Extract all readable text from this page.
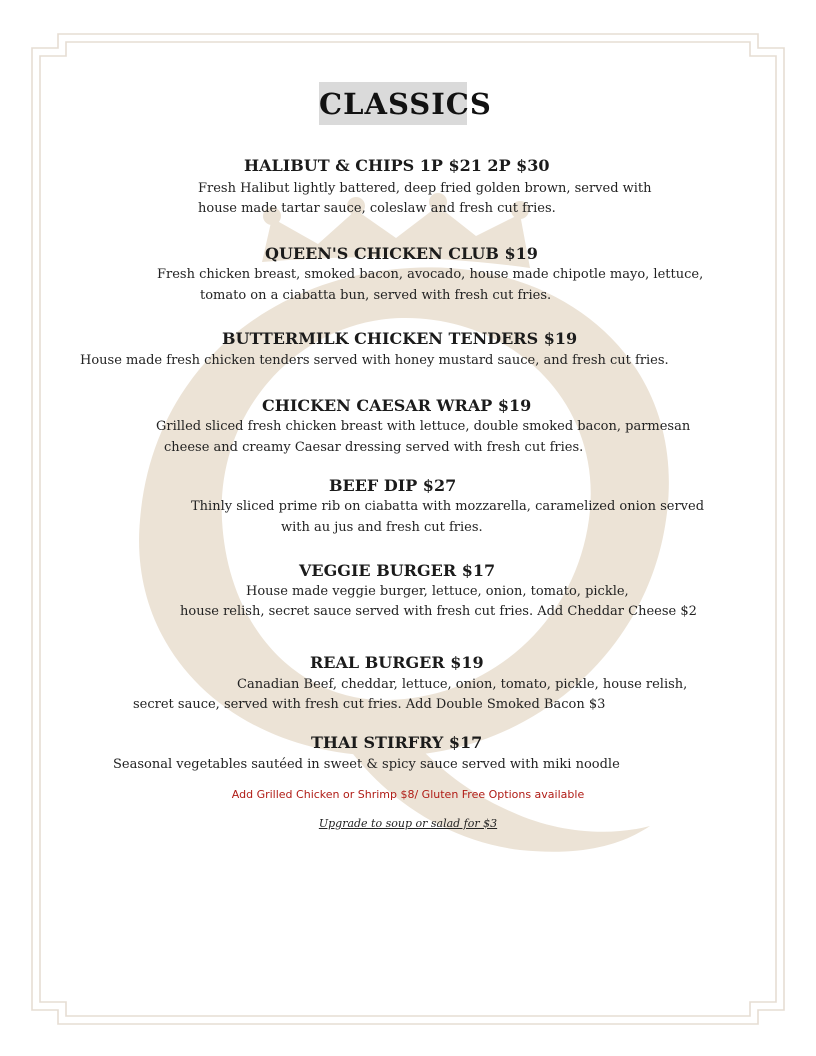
CLASSICS
HALIBUT & CHIPS 1P $21 2P $30
Fresh Halibut lightly battered, deep fried golden brown, served with
house made tartar sauce, coleslaw and fresh cut fries.
QUEEN'S CHICKEN CLUB $19
Fresh chicken breast, smoked bacon, avocado, house made chipotle mayo, lettuce,
tomato on a ciabatta bun, served with fresh cut fries.
BUTTERMILK CHICKEN TENDERS $19
House made fresh chicken tenders served with honey mustard sauce, and fresh cut fries.
CHICKEN CAESAR WRAP $19
Grilled sliced fresh chicken breast with lettuce, double smoked bacon, parmesan
cheese and creamy Caesar dressing served with fresh cut fries.
BEEF DIP $27
Thinly sliced prime rib on ciabatta with mozzarella, caramelized onion served
with au jus and fresh cut fries.
VEGGIE BURGER $17
House made veggie burger, lettuce, onion, tomato, pickle,
house relish, secret sauce served with fresh cut fries. Add Cheddar Cheese $2
REAL BURGER $19
Canadian Beef, cheddar, lettuce, onion, tomato, pickle, house relish,
secret sauce, served with fresh cut fries. Add Double Smoked Bacon $3
THAI STIRFRY $17
Seasonal vegetables sautéed in sweet & spicy sauce served with miki noodle
Add Grilled Chicken or Shrimp $8/ Gluten Free Options available
Upgrade to soup or salad for $3
